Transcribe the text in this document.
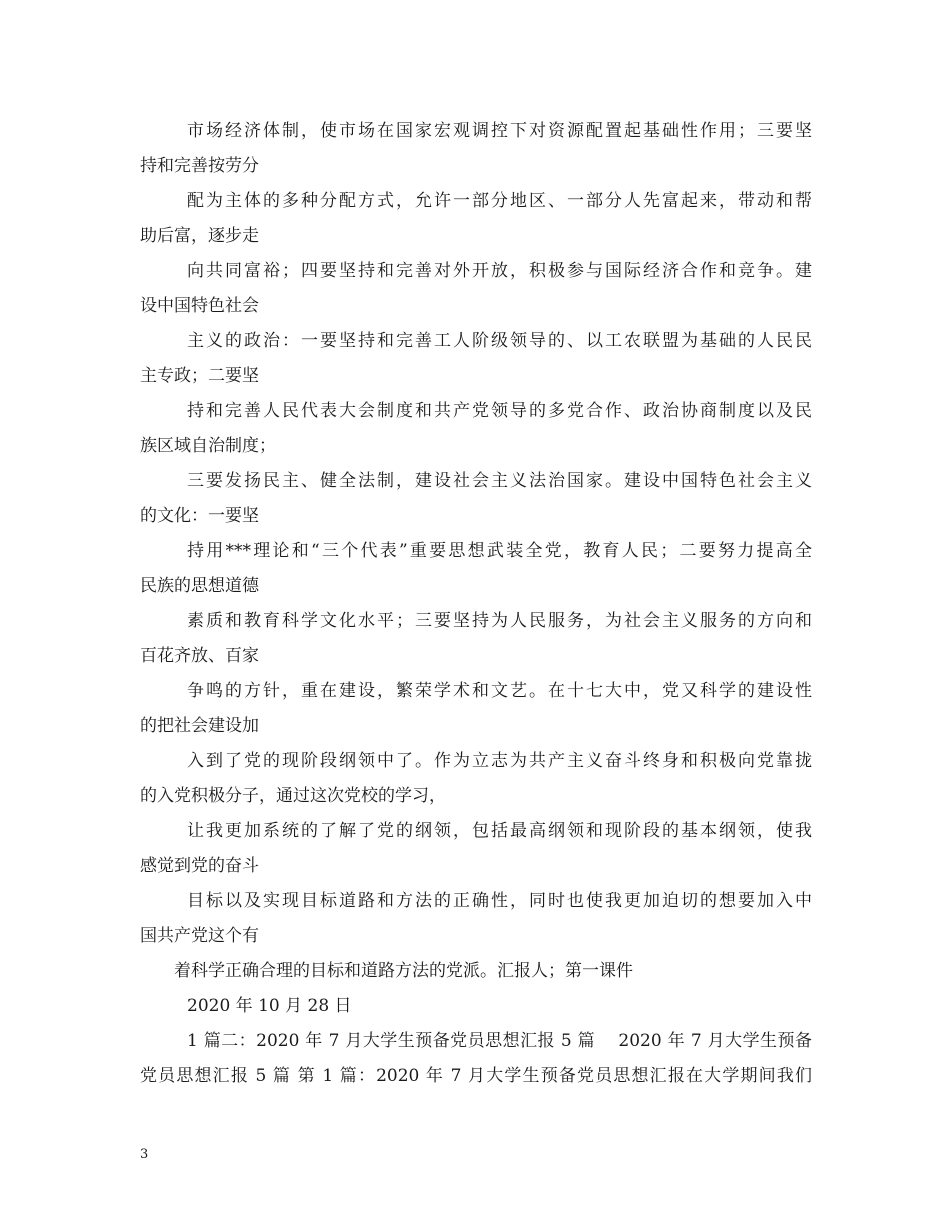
市场经济体制，使市场在国家宏观调控下对资源配置起基础性作用；三要坚
持和完善按劳分
配为主体的多种分配方式，允许一部分地区、一部分人先富起来，带动和帮
助后富，逐步走
向共同富裕；四要坚持和完善对外开放，积极参与国际经济合作和竞争。建
设中国特色社会
主义的政治：一要坚持和完善工人阶级领导的、以工农联盟为基础的人民民
主专政；二要坚
持和完善人民代表大会制度和共产党领导的多党合作、政治协商制度以及民
族区域自治制度；
三要发扬民主、健全法制，建设社会主义法治国家。建设中国特色社会主义
的文化：一要坚
持用***理论和“三个代表”重要思想武装全党，教育人民；二要努力提高全
民族的思想道德
素质和教育科学文化水平；三要坚持为人民服务，为社会主义服务的方向和
百花齐放、百家
争鸣的方针，重在建设，繁荣学术和文艺。在十七大中，党又科学的建设性
的把社会建设加
入到了党的现阶段纲领中了。作为立志为共产主义奋斗终身和积极向党靠拢
的入党积极分子，通过这次党校的学习，
让我更加系统的了解了党的纲领，包括最高纲领和现阶段的基本纲领，使我
感觉到党的奋斗
目标以及实现目标道路和方法的正确性，同时也使我更加迫切的想要加入中
国共产党这个有
着科学正确合理的目标和道路方法的党派。汇报人；第一课件
2020 年 10 月 28 日
1 篇二：2020 年 7 月大学生预备党员思想汇报 5 篇　 2020 年 7 月大学生预备
党员思想汇报 5 篇 第 1 篇：2020 年 7 月大学生预备党员思想汇报在大学期间我们
3
